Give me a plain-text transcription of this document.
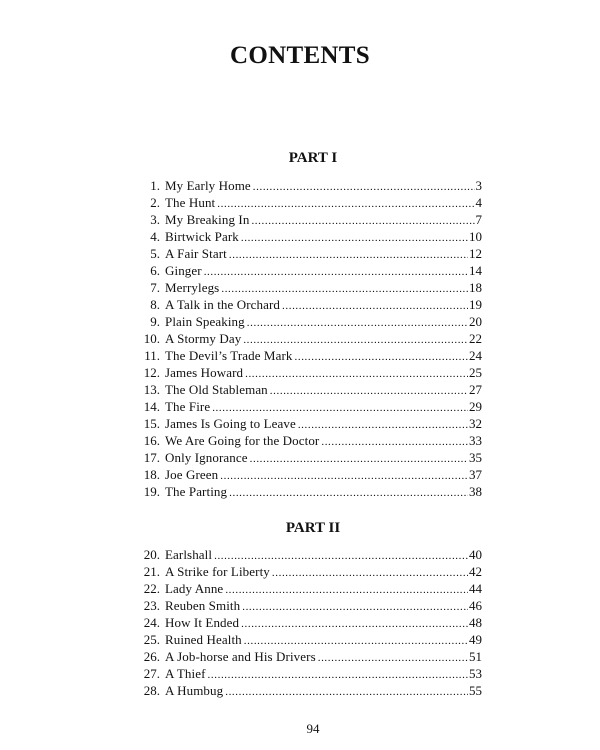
CONTENTS
PART I
1. My Early Home .....	3
2. The Hunt .....	4
3. My Breaking In .....	7
4. Birtwick Park .....	10
5. A Fair Start .....	12
6. Ginger .....	14
7. Merrylegs .....	18
8. A Talk in the Orchard .....	19
9. Plain Speaking .....	20
10. A Stormy Day .....	22
11. The Devil’s Trade Mark .....	24
12. James Howard .....	25
13. The Old Stableman .....	27
14. The Fire .....	29
15. James Is Going to Leave .....	32
16. We Are Going for the Doctor .....	33
17. Only Ignorance .....	35
18. Joe Green .....	37
19. The Parting .....	38
PART II
20. Earlshall .....	40
21. A Strike for Liberty .....	42
22. Lady Anne .....	44
23. Reuben Smith .....	46
24. How It Ended .....	48
25. Ruined Health .....	49
26. A Job-horse and His Drivers .....	51
27. A Thief .....	53
28. A Humbug .....	55
94
